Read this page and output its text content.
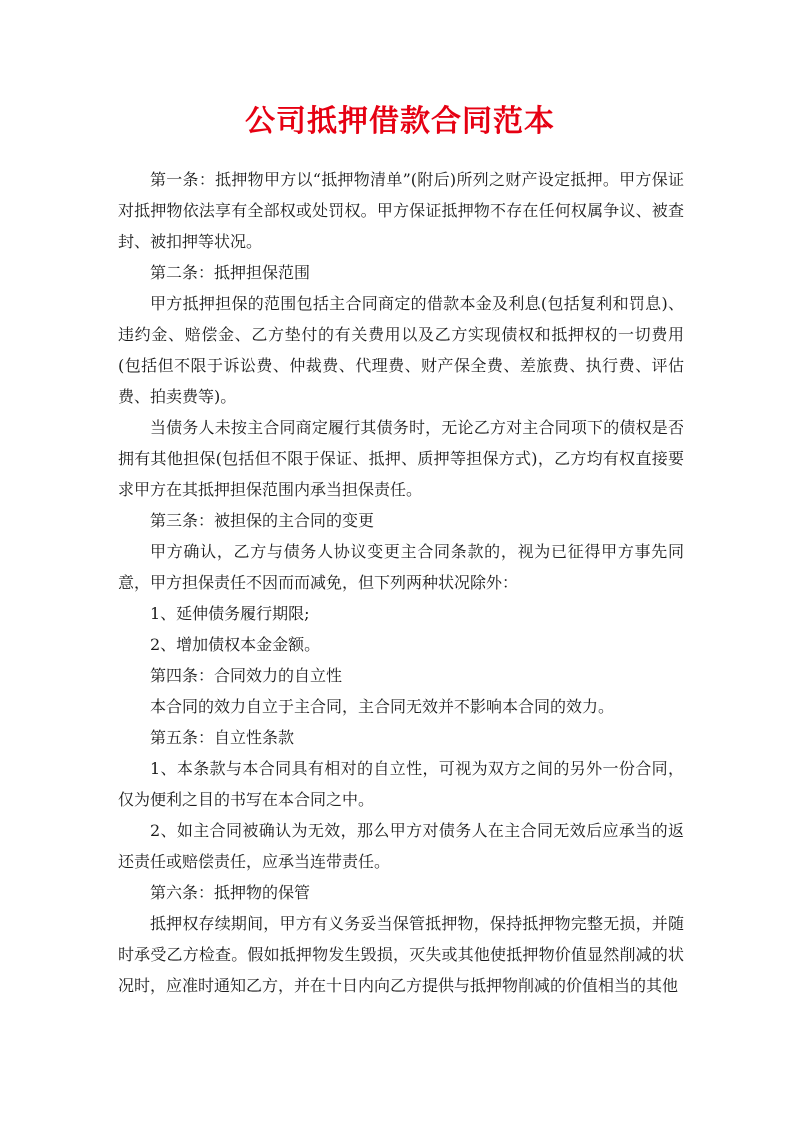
公司抵押借款合同范本

第一条：抵押物甲方以“抵押物清单”(附后)所列之财产设定抵押。甲方保证对抵押物依法享有全部权或处罚权。甲方保证抵押物不存在任何权属争议、被查封、被扣押等状况。

第二条：抵押担保范围

甲方抵押担保的范围包括主合同商定的借款本金及利息(包括复利和罚息)、违约金、赔偿金、乙方垫付的有关费用以及乙方实现债权和抵押权的一切费用(包括但不限于诉讼费、仲裁费、代理费、财产保全费、差旅费、执行费、评估费、拍卖费等)。

当债务人未按主合同商定履行其债务时，无论乙方对主合同项下的债权是否拥有其他担保(包括但不限于保证、抵押、质押等担保方式)，乙方均有权直接要求甲方在其抵押担保范围内承当担保责任。

第三条：被担保的主合同的变更

甲方确认，乙方与债务人协议变更主合同条款的，视为已征得甲方事先同意，甲方担保责任不因而而减免，但下列两种状况除外：

1、延伸债务履行期限;

2、增加债权本金金额。

第四条：合同效力的自立性

本合同的效力自立于主合同，主合同无效并不影响本合同的效力。

第五条：自立性条款

1、本条款与本合同具有相对的自立性，可视为双方之间的另外一份合同，仅为便利之目的书写在本合同之中。

2、如主合同被确认为无效，那么甲方对债务人在主合同无效后应承当的返还责任或赔偿责任，应承当连带责任。

第六条：抵押物的保管

抵押权存续期间，甲方有义务妥当保管抵押物，保持抵押物完整无损，并随时承受乙方检查。假如抵押物发生毁损，灭失或其他使抵押物价值显然削减的状况时，应准时通知乙方，并在十日内向乙方提供与抵押物削减的价值相当的其他
